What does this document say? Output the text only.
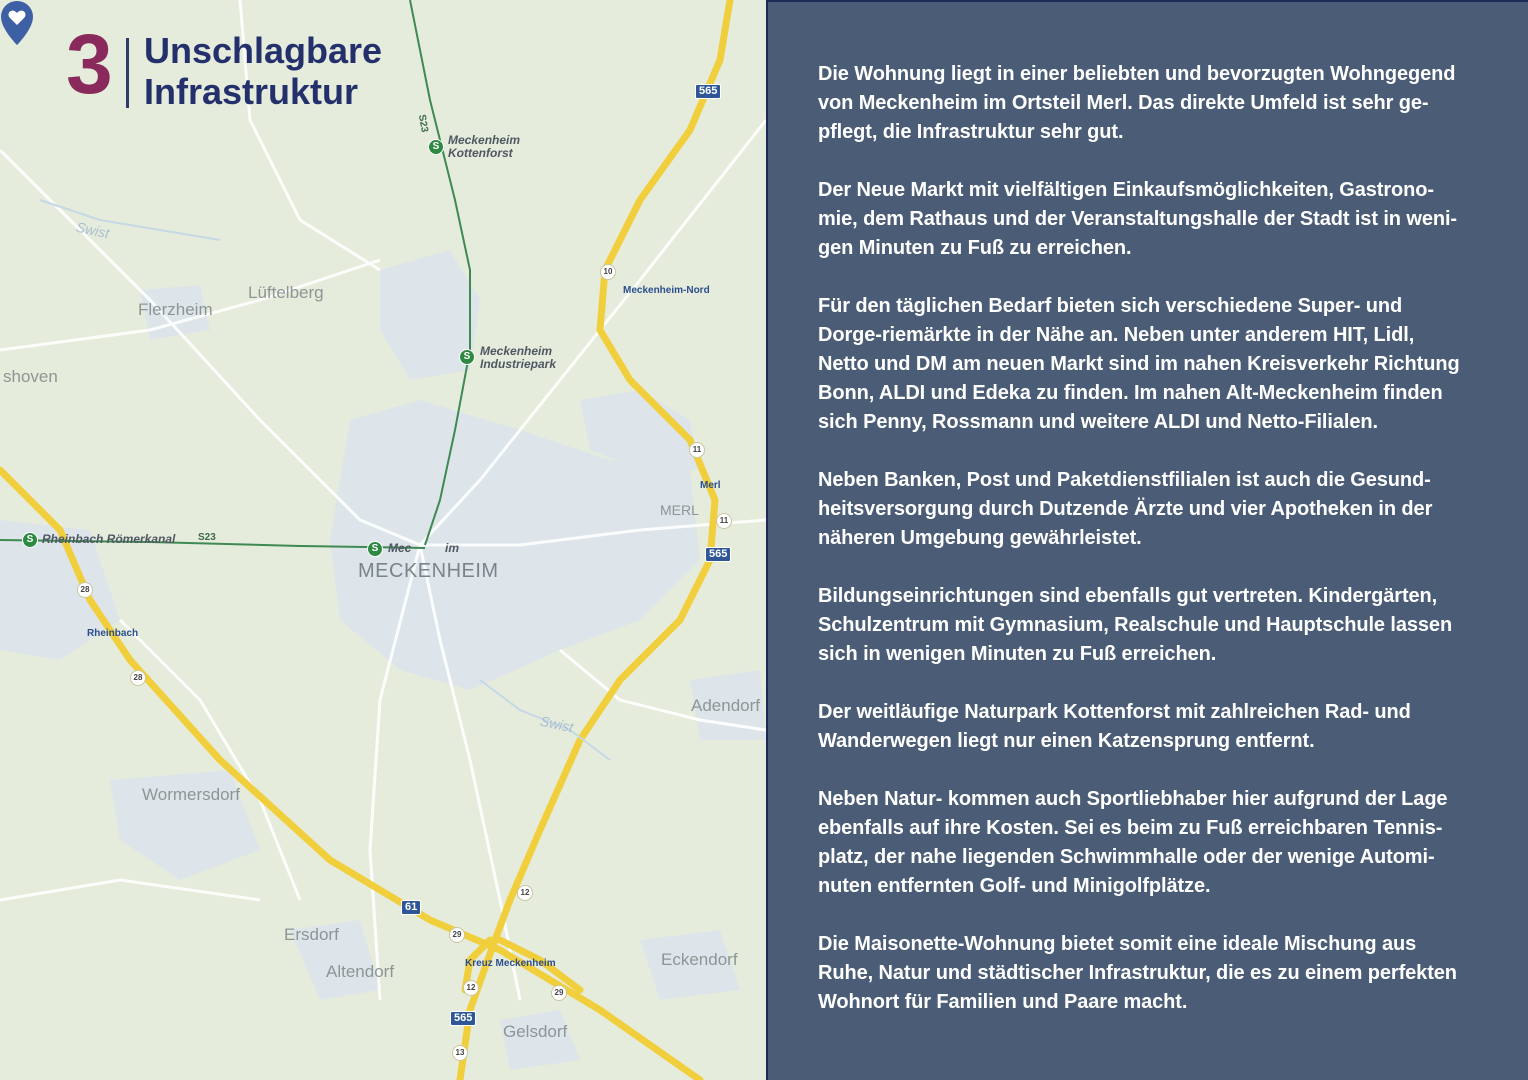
3 Unschlagbare
Infrastruktur
S Meckenheim
Kottenforst
S Meckenheim
Industriepark
S Rheinbach Römerkanal
S Mec	im
S23
S23
Flerzheim
Lüftelberg
shoven
MERL
MECKENHEIM
Adendorf
Wormersdorf
Ersdorf
Altendorf
Eckendorf
Gelsdorf
Rheinbach
Swist
Swist
Meckenheim-Nord
Merl
Kreuz Meckenheim
565
565
565
61
10
11
11
28
28
12
29
29
12
13

Die Wohnung liegt in einer beliebten und bevorzugten Wohngegend von Meckenheim im Ortsteil Merl. Das direkte Umfeld ist sehr ge-pflegt, die Infrastruktur sehr gut.

Der Neue Markt mit vielfältigen Einkaufsmöglichkeiten, Gastrono-mie, dem Rathaus und der Veranstaltungshalle der Stadt ist in weni-gen Minuten zu Fuß zu erreichen.

Für den täglichen Bedarf bieten sich verschiedene Super- und Dorge-riemärkte in der Nähe an. Neben unter anderem HIT, Lidl, Netto und DM am neuen Markt sind im nahen Kreisverkehr Richtung Bonn, ALDI und Edeka zu finden. Im nahen Alt-Meckenheim finden sich Penny, Rossmann und weitere ALDI und Netto-Filialen.

Neben Banken, Post und Paketdienstfilialen ist auch die Gesund-heitsversorgung durch Dutzende Ärzte und vier Apotheken in der näheren Umgebung gewährleistet.

Bildungseinrichtungen sind ebenfalls gut vertreten. Kindergärten, Schulzentrum mit Gymnasium, Realschule und Hauptschule lassen sich in wenigen Minuten zu Fuß erreichen.

Der weitläufige Naturpark Kottenforst mit zahlreichen Rad- und Wanderwegen liegt nur einen Katzensprung entfernt.

Neben Natur- kommen auch Sportliebhaber hier aufgrund der Lage ebenfalls auf ihre Kosten. Sei es beim zu Fuß erreichbaren Tennis-platz, der nahe liegenden Schwimmhalle oder der wenige Automi-nuten entfernten Golf- und Minigolfplätze.

Die Maisonette-Wohnung bietet somit eine ideale Mischung aus Ruhe, Natur und städtischer Infrastruktur, die es zu einem perfekten Wohnort für Familien und Paare macht.
